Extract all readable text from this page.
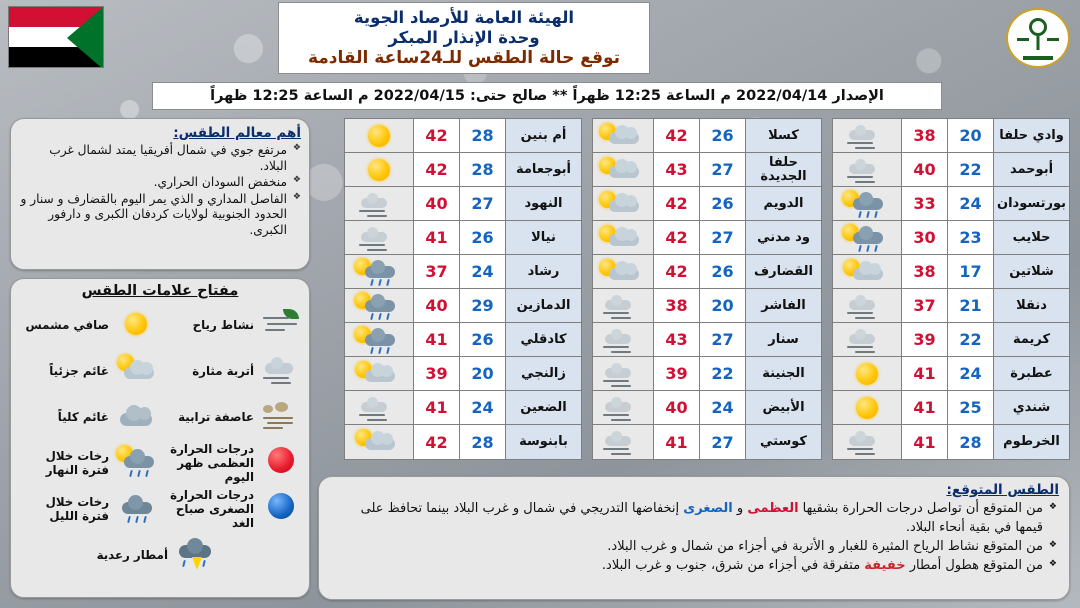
الهيئة العامة للأرصاد الجوية
وحدة الإنذار المبكر
توقع حالة الطقس للـ24ساعة القادمة
الإصدار 2022/04/14 م الساعة 12:25 ظهراً ** صالح حتى: 2022/04/15 م الساعة 12:25 ظهراً
أهم معالم الطقس:
❖ مرتفع جوي في شمال أفريقيا يمتد لشمال غرب البلاد.
❖ منخفض السودان الحراري.
❖ الفاصل المداري و الذي يمر اليوم بالقضارف و سنار و الحدود الجنوبية لولايات كردفان الكبرى و دارفور الكبرى.
مفتاح علامات الطقس
نشاط رياح
صافي مشمس
أتربة مثارة
غائم جزئياً
عاصفة ترابية
غائم كلياً
درجات الحرارة العظمى ظهر اليوم
رخات خلال فترة النهار
درجات الحرارة الصغرى صباح الغد
رخات خلال فترة الليل
أمطار رعدية
أم بنين
28
42
أبوجعامة
28
42
النهود
27
40
نيالا
26
41
رشاد
24
37
الدمازين
29
40
كادقلي
26
41
زالنجي
20
39
الضعين
24
41
بابنوسة
28
42
كسلا
26
42
حلفا الجديدة
27
43
الدويم
26
42
ود مدني
27
42
القضارف
26
42
الفاشر
20
38
سنار
27
43
الجنينة
22
39
الأبيض
24
40
كوستي
27
41
وادي حلفا
20
38
أبوحمد
22
40
بورتسودان
24
33
حلايب
23
30
شلاتين
17
38
دنقلا
21
37
كريمة
22
39
عطبرة
24
41
شندي
25
41
الخرطوم
28
41
الطقس المتوقع:
❖ من المتوقع أن تواصل درجات الحرارة بشقيها العظمى و الصغرى إنخفاضها التدريجي في شمال و غرب البلاد بينما تحافظ على قيمها في بقية أنحاء البلاد.
❖ من المتوقع نشاط الرياح المثيرة للغبار و الأتربة في أجزاء من شمال و غرب البلاد.
❖ من المتوقع هطول أمطار خفيفة متفرقة في أجزاء من شرق، جنوب و غرب البلاد.
